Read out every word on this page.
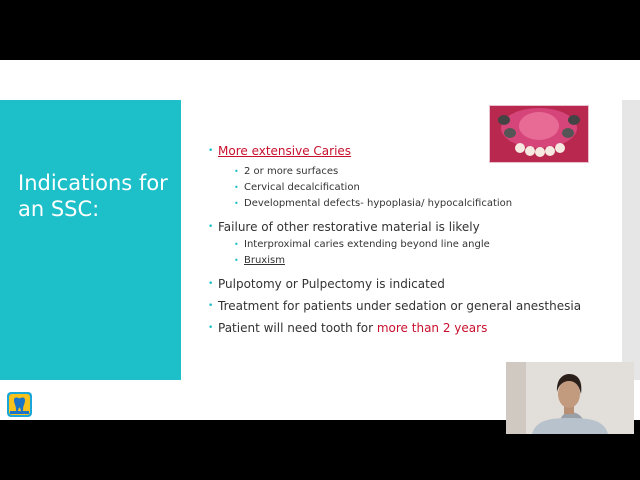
Indications for
an SSC:
• More extensive Caries
• 2 or more surfaces
• Cervical decalcification
• Developmental defects- hypoplasia/ hypocalcification
• Failure of other restorative material is likely
• Interproximal caries extending beyond line angle
• Bruxism
• Pulpotomy or Pulpectomy is indicated
• Treatment for patients under sedation or general anesthesia
• Patient will need tooth for more than 2 years
